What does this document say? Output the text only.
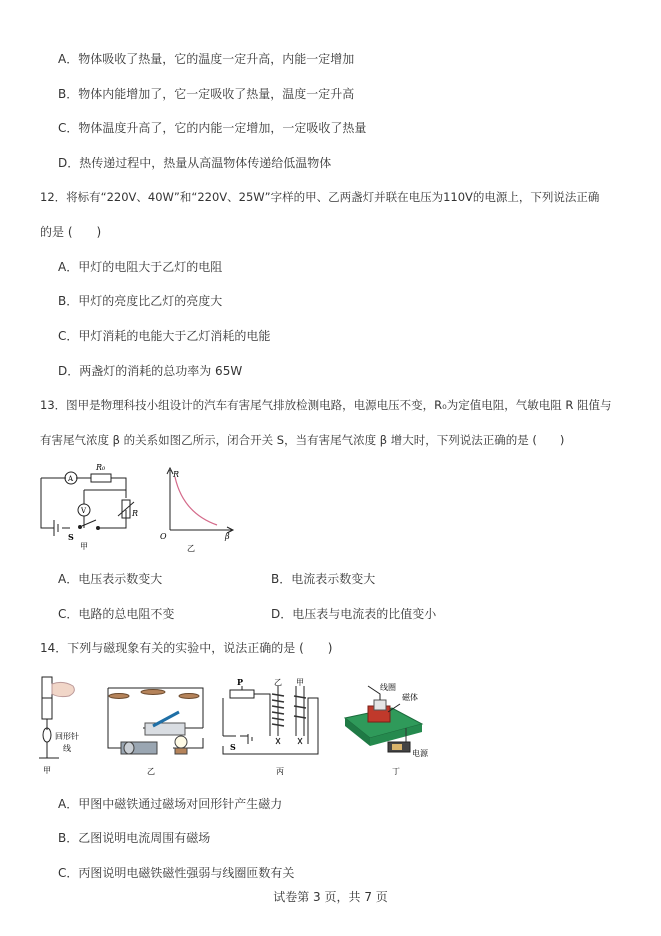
A．物体吸收了热量，它的温度一定升高，内能一定增加
B．物体内能增加了，它一定吸收了热量，温度一定升高
C．物体温度升高了，它的内能一定增加，一定吸收了热量
D．热传递过程中，热量从高温物体传递给低温物体
12．将标有“220V、40W”和“220V、25W”字样的甲、乙两盏灯并联在电压为110V的电源上，下列说法正确
的是 (　　)
A．甲灯的电阻大于乙灯的电阻
B．甲灯的亮度比乙灯的亮度大
C．甲灯消耗的电能大于乙灯消耗的电能
D．两盏灯的消耗的总功率为 65W
13．图甲是物理科技小组设计的汽车有害尾气排放检测电路，电源电压不变，R₀为定值电阻，气敏电阻 R 阻值与
有害尾气浓度 β 的关系如图乙所示，闭合开关 S，当有害尾气浓度 β 增大时，下列说法正确的是 (　　)
A
V
R₀
R
S
甲
R
O	β
乙
A．电压表示数变大	B．电流表示数变大
C．电路的总电阻不变	D．电压表与电流表的比值变小
14．下列与磁现象有关的实验中，说法正确的是 (　　)
回形针
线
甲	乙
P
S
乙 甲
丙
线圈
磁体
电源
丁
A．甲图中磁铁通过磁场对回形针产生磁力
B．乙图说明电流周围有磁场
C．丙图说明电磁铁磁性强弱与线圈匝数有关
试卷第 3 页，共 7 页
